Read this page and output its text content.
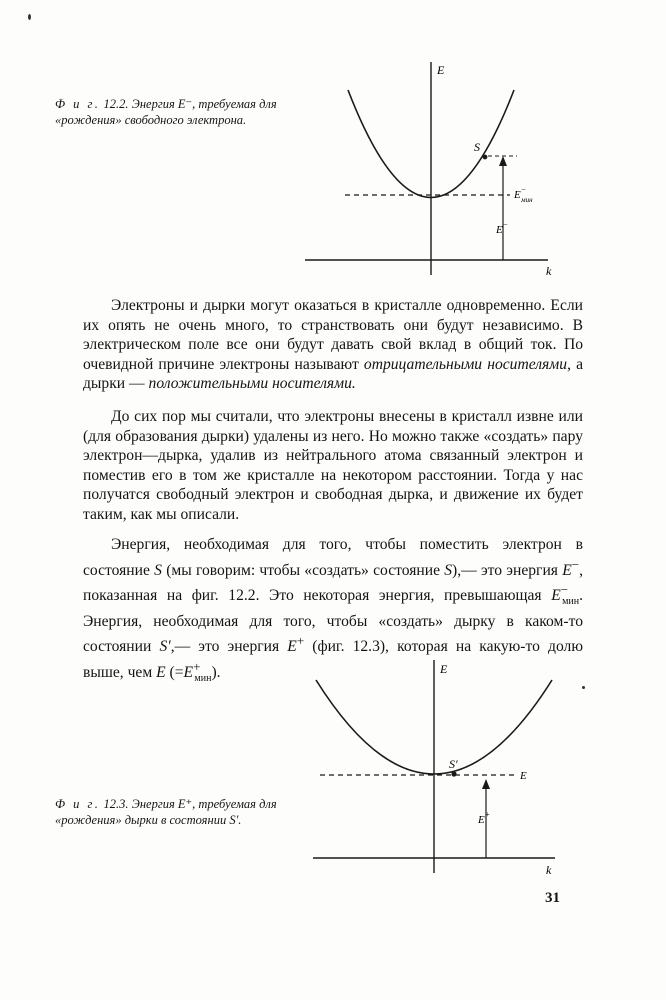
Ф и г. 12.2. Энергия E⁻, требуемая для «рождения» свободного электрона.
E
k
S
E− мин
E−

Электроны и дырки могут оказаться в кристалле одновременно. Если их опять не очень много, то странствовать они будут независимо. В электрическом поле все они будут давать свой вклад в общий ток. По очевидной причине электроны называют отрицательными носителями, а дырки — положительными носителями.

До сих пор мы считали, что электроны внесены в кристалл извне или (для образования дырки) удалены из него. Но можно также «создать» пару электрон—дырка, удалив из нейтрального атома связанный электрон и поместив его в том же кристалле на некотором расстоянии. Тогда у нас получатся свободный электрон и свободная дырка, и движение их будет таким, как мы описали.

Энергия, необходимая для того, чтобы поместить электрон в состояние S (мы говорим: чтобы «создать» состояние S),— это энергия E−, показанная на фиг. 12.2. Это некоторая энергия, превышающая $E^-_{мин}$. Энергия, необходимая для того, чтобы «создать» дырку в каком-то состоянии S′,— это энергия E+ (фиг. 12.3), которая на какую-то долю выше, чем E $(=E^+_{мин})$.	E
k
S′
E
E+
Ф и г. 12.3. Энергия E⁺, требуемая для «рождения» дырки в состоянии S′.
31
